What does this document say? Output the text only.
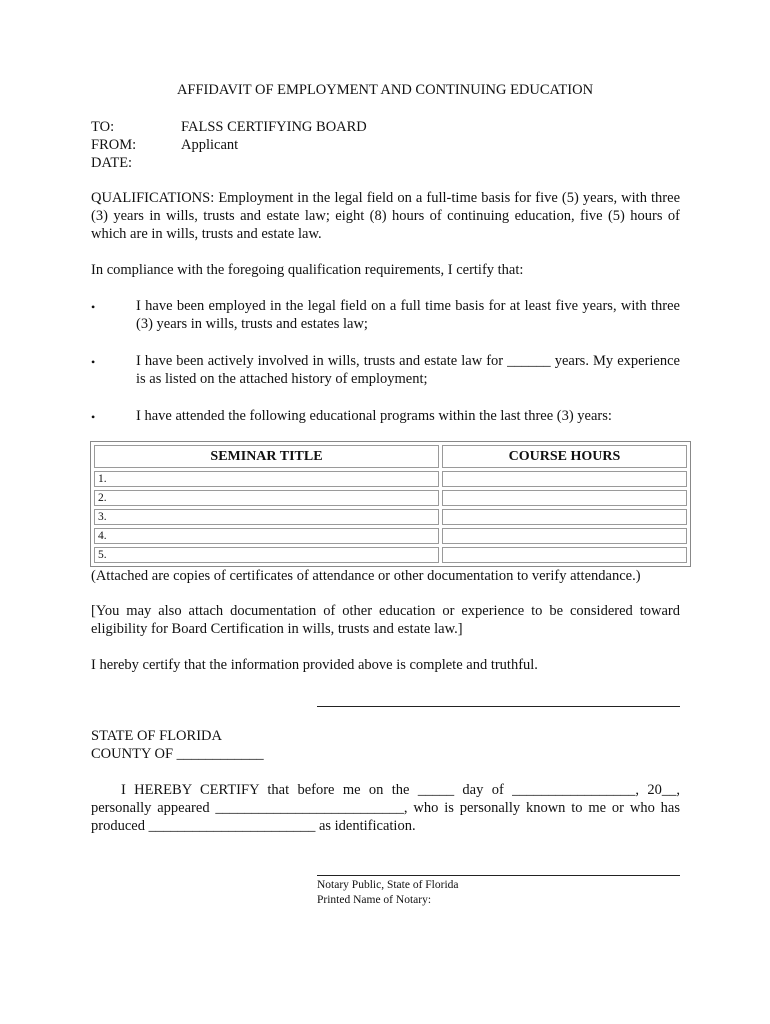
AFFIDAVIT OF EMPLOYMENT AND CONTINUING EDUCATION
TO:	FALSS CERTIFYING BOARD
FROM:	Applicant
DATE:

QUALIFICATIONS: Employment in the legal field on a full-time basis for five (5) years, with three (3) years in wills, trusts and estate law; eight (8) hours of continuing education, five (5) hours of which are in wills, trusts and estate law.

In compliance with the foregoing qualification requirements, I certify that:

•	I have been employed in the legal field on a full time basis for at least five years, with three (3) years in wills, trusts and estates law;

•	I have been actively involved in wills, trusts and estate law for ______ years. My experience is as listed on the attached history of employment;

•	I have attended the following educational programs within the last three (3) years:

SEMINAR TITLE	COURSE HOURS
1.	
2.	
3.	
4.	
5.	

(Attached are copies of certificates of attendance or other documentation to verify attendance.)

[You may also attach documentation of other education or experience to be considered toward eligibility for Board Certification in wills, trusts and estate law.]

I hereby certify that the information provided above is complete and truthful.

STATE OF FLORIDA

COUNTY OF ____________

I HEREBY CERTIFY that before me on the _____ day of _________________, 20__, personally appeared __________________________, who is personally known to me or who has produced _______________________ as identification.

Notary Public, State of Florida
Printed Name of Notary:
